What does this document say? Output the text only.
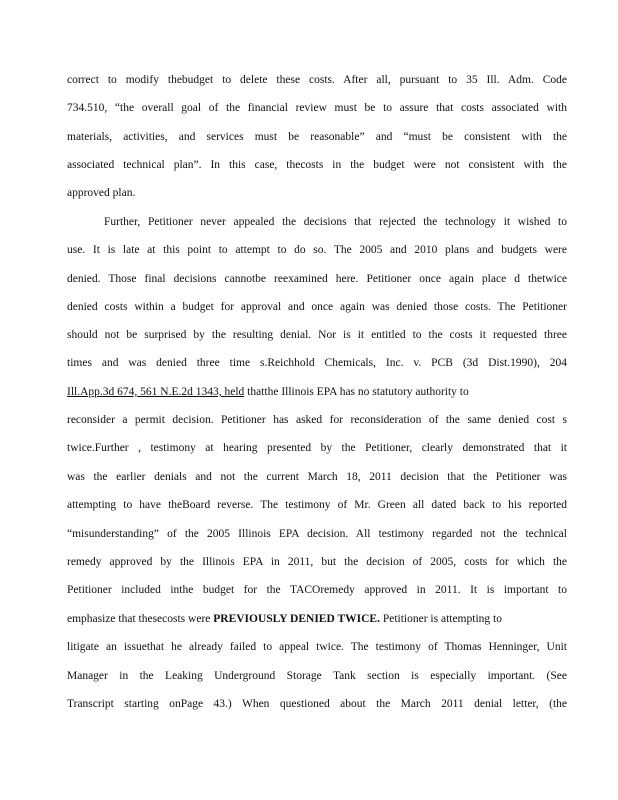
correct to modify thebudget to delete these costs. After all, pursuant to 35 Ill. Adm. Code
734.510, “the overall goal of the financial review must be to assure that costs associated with
materials, activities, and services must be reasonable” and “must be consistent with the
associated technical plan”. In this case, thecosts in the budget were not consistent with the
approved plan.
Further, Petitioner never appealed the decisions that rejected the technology it wished to
use. It is late at this point to attempt to do so. The 2005 and 2010 plans and budgets were
denied. Those final decisions cannotbe reexamined here. Petitioner once again place d thetwice
denied costs within a budget for approval and once again was denied those costs. The Petitioner
should not be surprised by the resulting denial. Nor is it entitled to the costs it requested three
times and was denied three time s.Reichhold Chemicals, Inc. v. PCB (3d Dist.1990), 204
Ill.App.3d 674, 561 N.E.2d 1343, held thatthe Illinois EPA has no statutory authority to
reconsider a permit decision. Petitioner has asked for reconsideration of the same denied cost s
twice.Further , testimony at hearing presented by the Petitioner, clearly demonstrated that it
was the earlier denials and not the current March 18, 2011 decision that the Petitioner was
attempting to have theBoard reverse. The testimony of Mr. Green all dated back to his reported
“misunderstanding” of the 2005 Illinois EPA decision. All testimony regarded not the technical
remedy approved by the Illinois EPA in 2011, but the decision of 2005, costs for which the
Petitioner included inthe budget for the TACOremedy approved in 2011. It is important to
emphasize that thesecosts were PREVIOUSLY DENIED TWICE. Petitioner is attempting to
litigate an issuethat he already failed to appeal twice. The testimony of Thomas Henninger, Unit
Manager in the Leaking Underground Storage Tank section is especially important. (See
Transcript starting onPage 43.) When questioned about the March 2011 denial letter, (the
